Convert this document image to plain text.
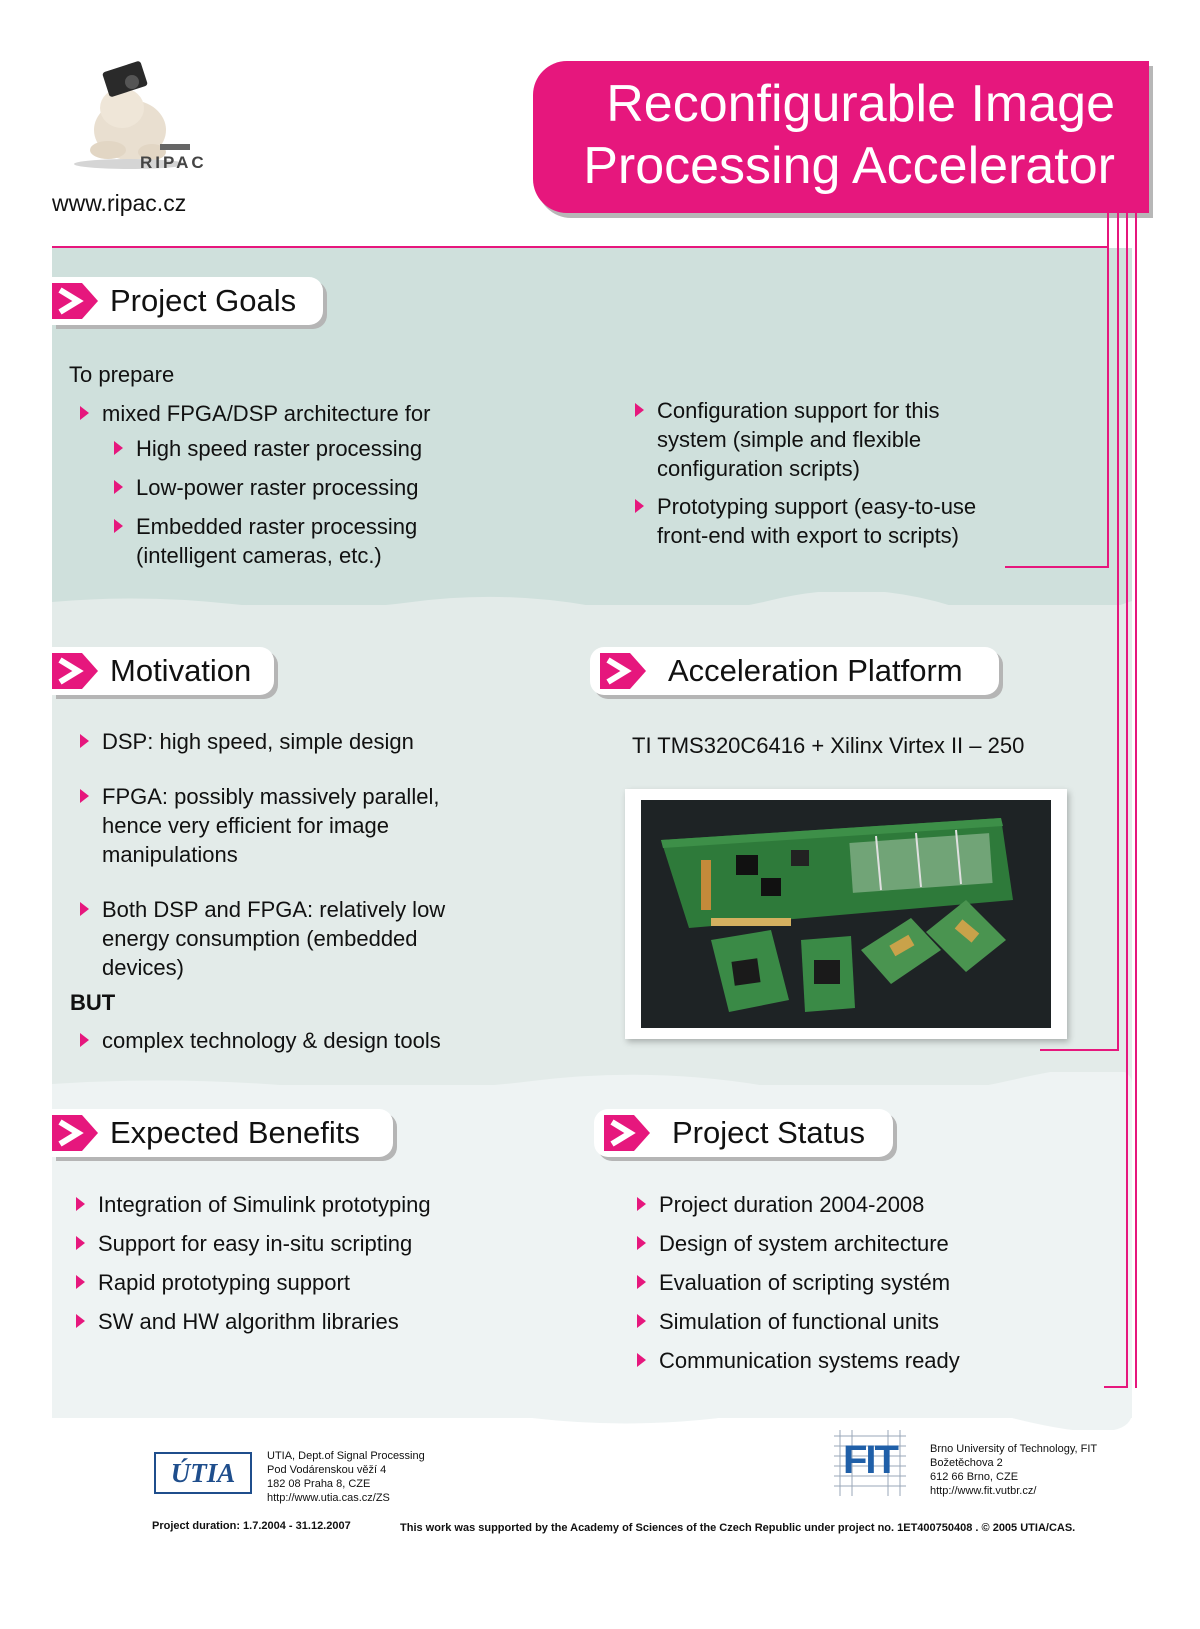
RIPAC
www.ripac.cz
Reconfigurable Image
Processing Accelerator
Project Goals
To prepare
mixed FPGA/DSP architecture for
High speed raster processing
Low-power raster processing
Embedded raster processing (intelligent cameras, etc.)
Configuration support for this system (simple and flexible configuration scripts)
Prototyping support (easy-to-use front-end with export to scripts)
Motivation
DSP: high speed, simple design
FPGA: possibly massively parallel, hence very efficient for image manipulations
Both DSP and FPGA: relatively low energy consumption (embedded devices)
BUT
complex technology & design tools
Acceleration Platform
TI TMS320C6416 + Xilinx Virtex II – 250
Expected Benefits
Integration of Simulink prototyping
Support for easy in-situ scripting
Rapid prototyping support
SW and HW algorithm libraries
Project Status
Project duration 2004-2008
Design of system architecture
Evaluation of scripting systém
Simulation of functional units
Communication systems ready
ÚTIA
UTIA, Dept.of Signal Processing
Pod Vodárenskou věží 4
182 08 Praha 8, CZE
http://www.utia.cas.cz/ZS
FIT	Brno University of Technology, FIT
Božetěchova 2
612 66 Brno, CZE
http://www.fit.vutbr.cz/
Project duration: 1.7.2004 - 31.12.2007	This work was supported by the Academy of Sciences of the Czech Republic under project no. 1ET400750408 . © 2005 UTIA/CAS.
